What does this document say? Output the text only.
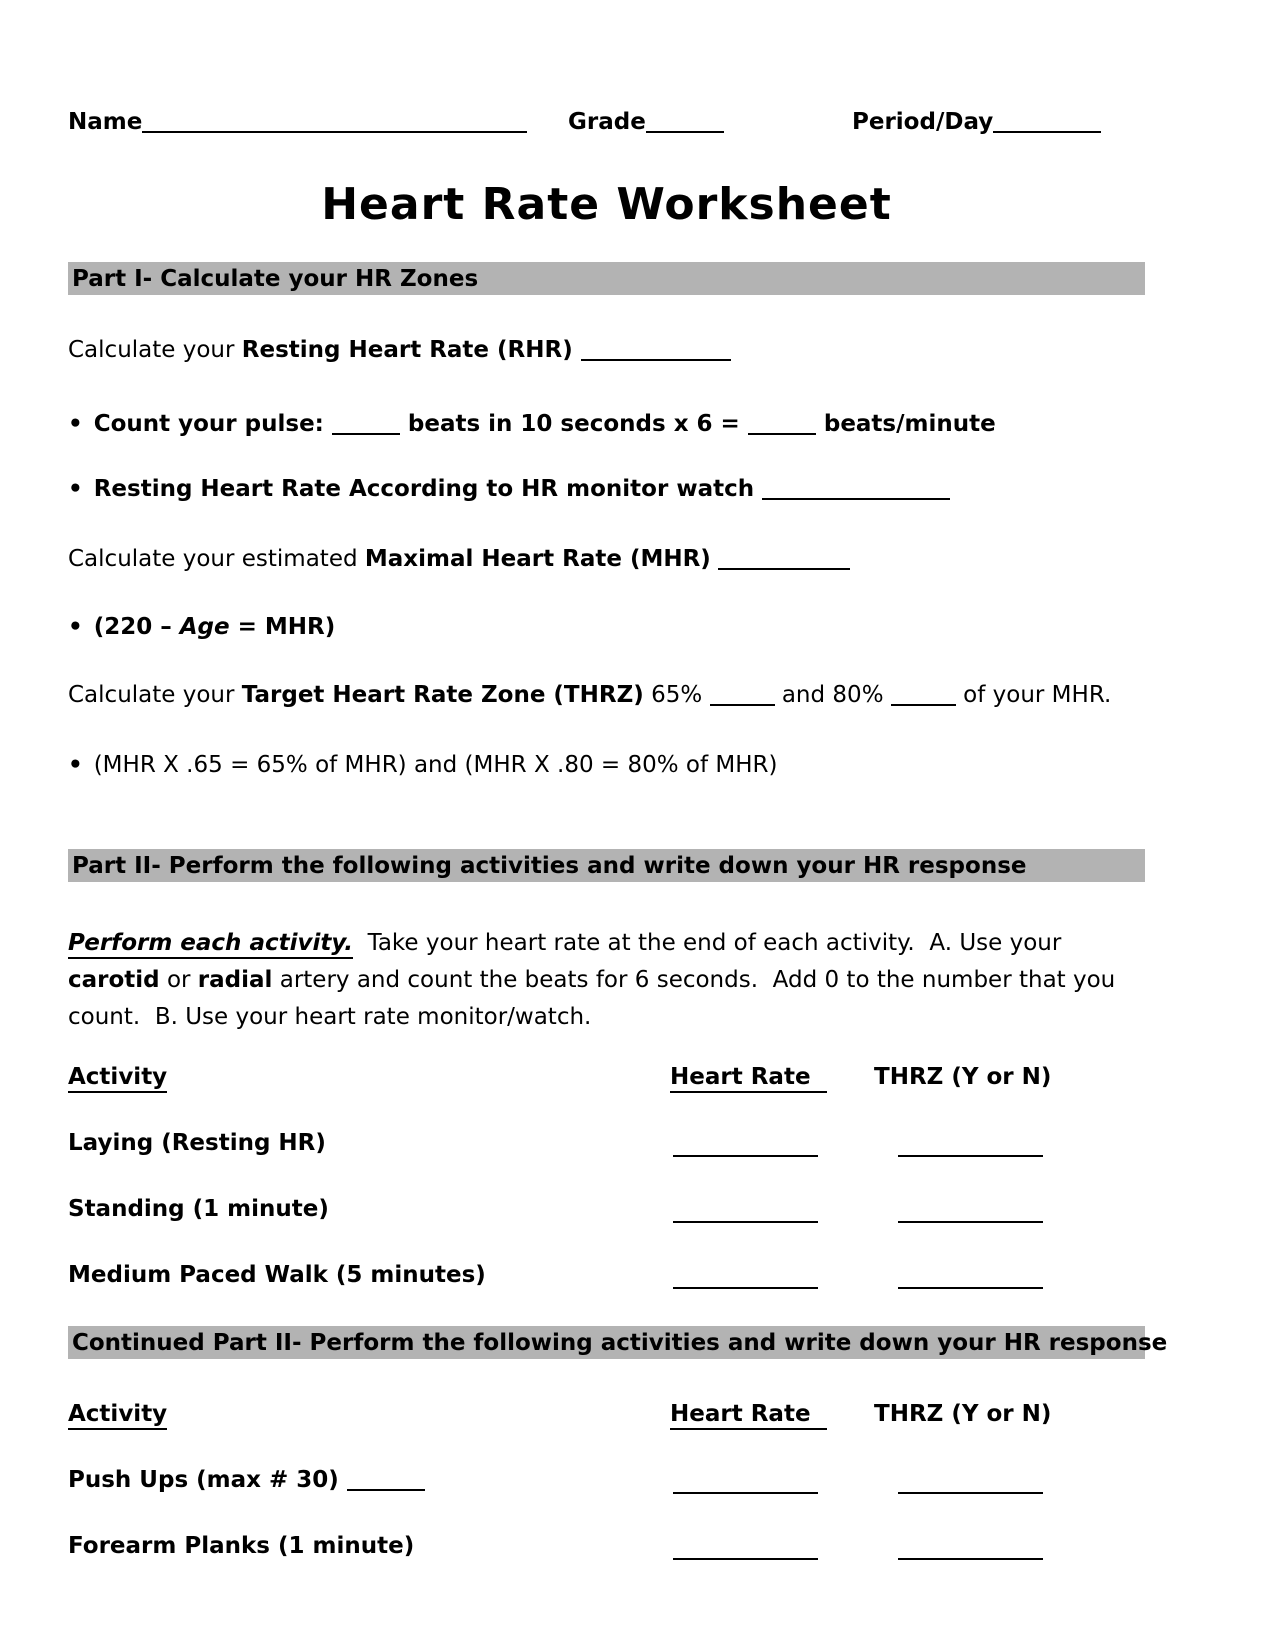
Name	Grade	Period/Day
Heart Rate Worksheet
Part I- Calculate your HR Zones
Calculate your Resting Heart Rate (RHR)
• Count your pulse:	beats in 10 seconds x 6 =	beats/minute
• Resting Heart Rate According to HR monitor watch
Calculate your estimated Maximal Heart Rate (MHR)
• (220 – Age = MHR)
Calculate your Target Heart Rate Zone (THRZ) 65%	and 80%	of your MHR.
• (MHR X .65 = 65% of MHR) and (MHR X .80 = 80% of MHR)
Part II- Perform the following activities and write down your HR response
Perform each activity.  Take your heart rate at the end of each activity.  A. Use your carotid or radial artery and count the beats for 6 seconds.  Add 0 to the number that you count.  B. Use your heart rate monitor/watch.
Activity	Heart Rate	THRZ (Y or N)
Laying (Resting HR)
Standing (1 minute)
Medium Paced Walk (5 minutes)
Continued Part II- Perform the following activities and write down your HR response
Activity	Heart Rate	THRZ (Y or N)
Push Ups (max # 30)
Forearm Planks (1 minute)
